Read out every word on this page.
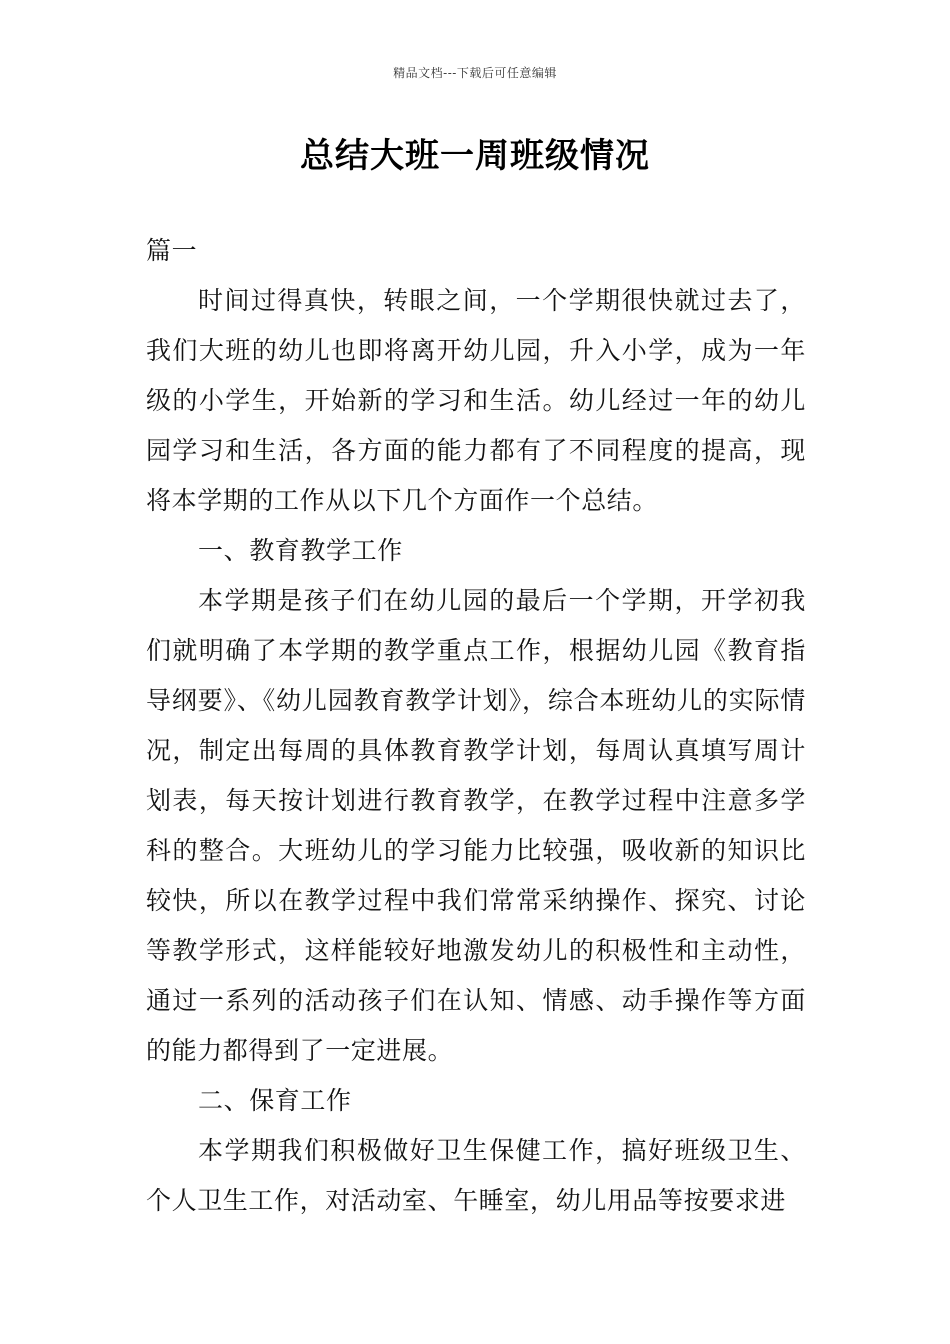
精品文档---下载后可任意编辑
总结大班一周班级情况

篇一

时间过得真快，转眼之间，一个学期很快就过去了，我们大班的幼儿也即将离开幼儿园，升入小学，成为一年级的小学生，开始新的学习和生活。幼儿经过一年的幼儿园学习和生活，各方面的能力都有了不同程度的提高，现将本学期的工作从以下几个方面作一个总结。

一、教育教学工作

本学期是孩子们在幼儿园的最后一个学期，开学初我们就明确了本学期的教学重点工作，根据幼儿园《教育指导纲要》、《幼儿园教育教学计划》，综合本班幼儿的实际情况，制定出每周的具体教育教学计划，每周认真填写周计划表，每天按计划进行教育教学，在教学过程中注意多学科的整合。大班幼儿的学习能力比较强，吸收新的知识比较快，所以在教学过程中我们常常采纳操作、探究、讨论等教学形式，这样能较好地激发幼儿的积极性和主动性，通过一系列的活动孩子们在认知、情感、动手操作等方面的能力都得到了一定进展。

二、保育工作

本学期我们积极做好卫生保健工作，搞好班级卫生、个人卫生工作，对活动室、午睡室，幼儿用品等按要求进
